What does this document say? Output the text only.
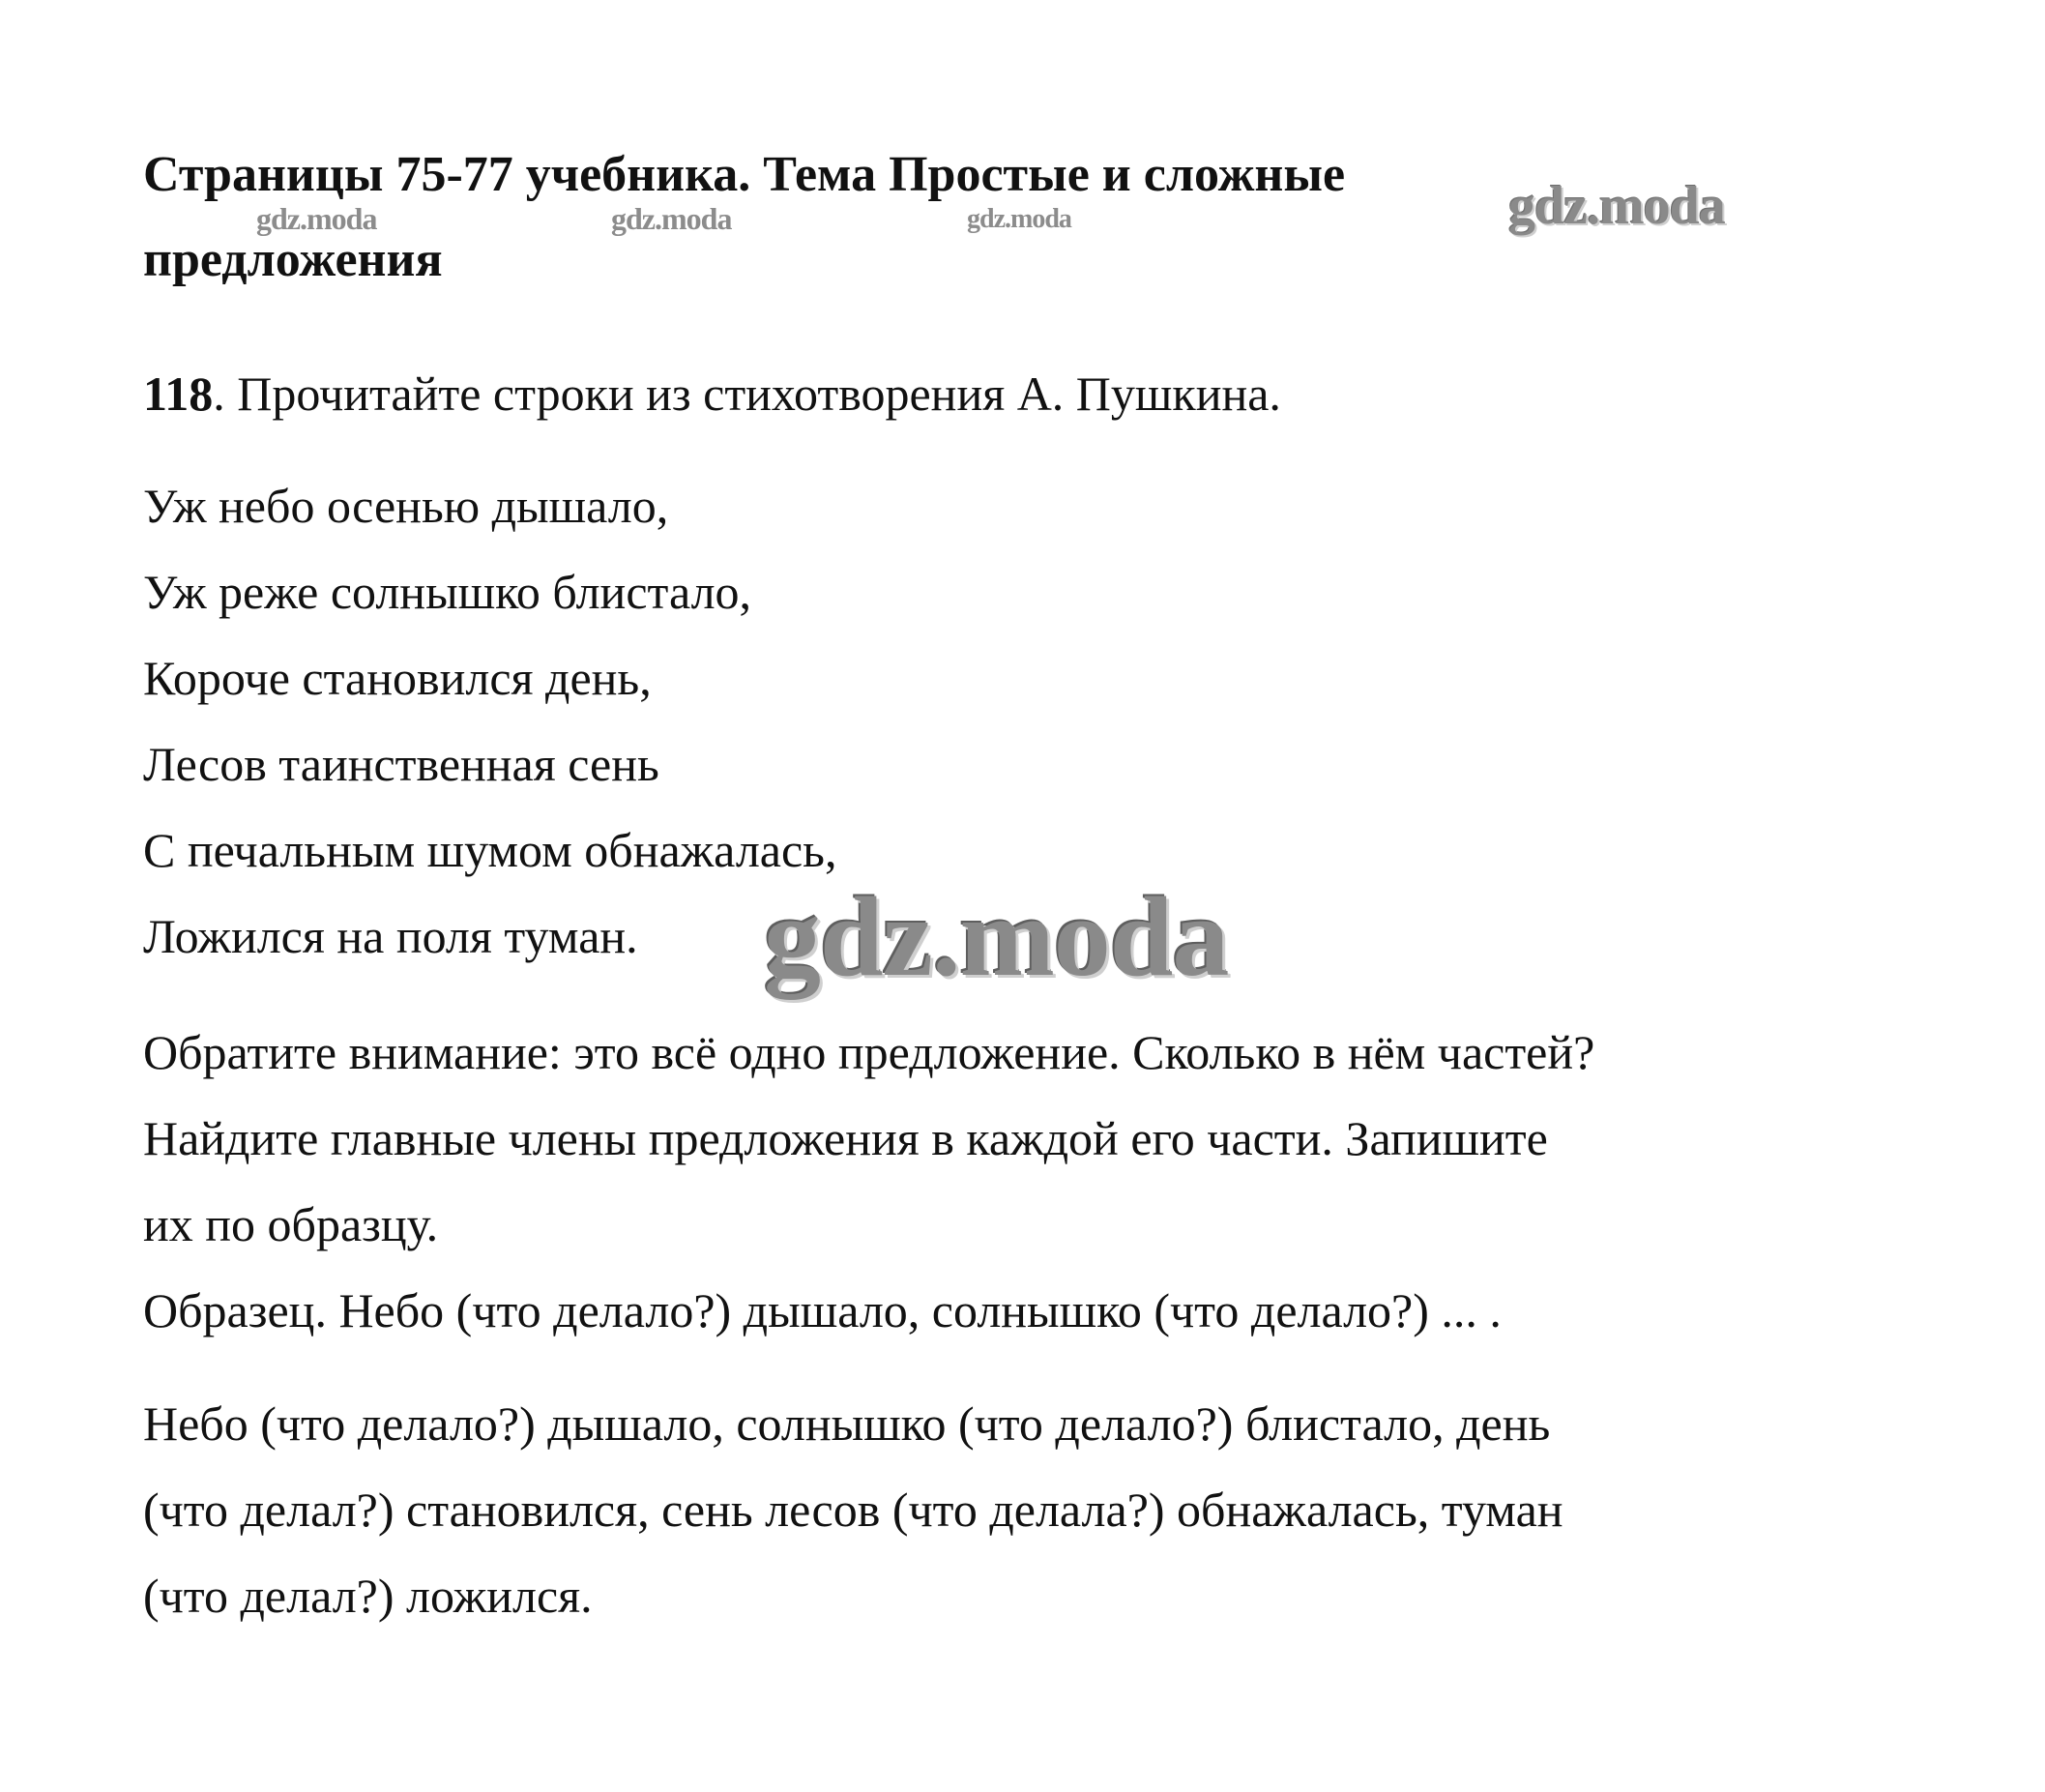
Страницы 75-77 учебника. Тема Простые и сложные
предложения
118. Прочитайте строки из стихотворения А. Пушкина.
Уж небо осенью дышало,
Уж реже солнышко блистало,
Короче становился день,
Лесов таинственная сень
С печальным шумом обнажалась,
Ложился на поля туман.
Обратите внимание: это всё одно предложение. Сколько в нём частей?
Найдите главные члены предложения в каждой его части. Запишите
их по образцу.
Образец. Небо (что делало?) дышало, солнышко (что делало?) ... .
Небо (что делало?) дышало, солнышко (что делало?) блистало, день
(что делал?) становился, сень лесов (что делала?) обнажалась, туман
(что делал?) ложился.
gdz.moda	gdz.moda	gdz.moda	gdz.moda
gdz.moda
